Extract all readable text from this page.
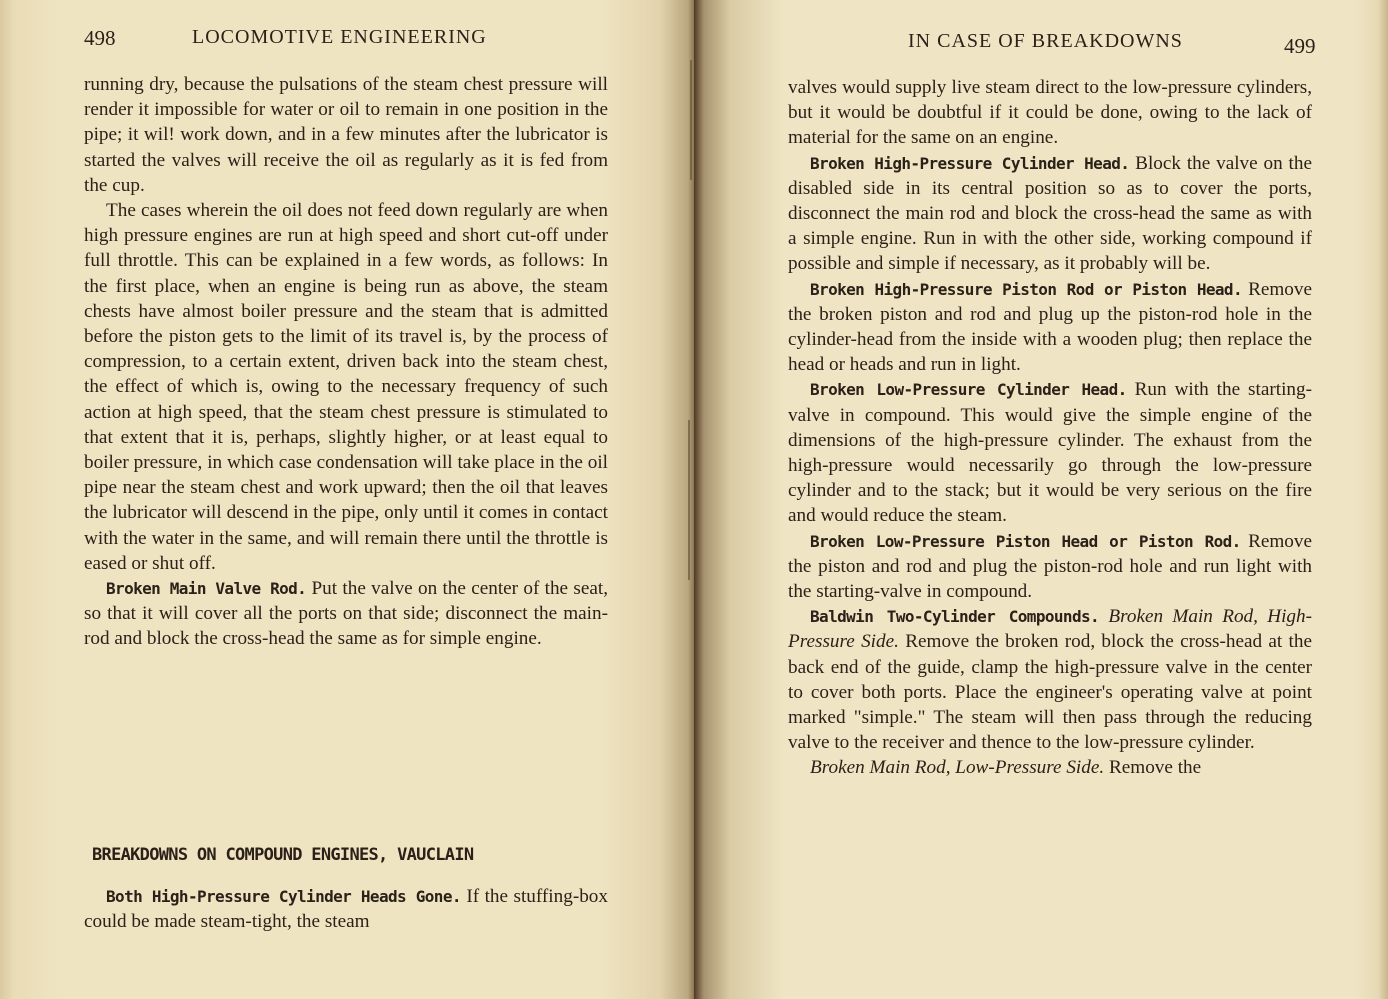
498	LOCOMOTIVE ENGINEERING

running dry, because the pulsations of the steam chest pressure will render it impossible for water or oil to remain in one position in the pipe; it wil! work down, and in a few minutes after the lubricator is started the valves will receive the oil as regularly as it is fed from the cup.

The cases wherein the oil does not feed down regularly are when high pressure engines are run at high speed and short cut-off under full throttle. This can be explained in a few words, as follows: In the first place, when an engine is being run as above, the steam chests have almost boiler pressure and the steam that is admitted before the piston gets to the limit of its travel is, by the process of compression, to a certain extent, driven back into the steam chest, the effect of which is, owing to the necessary frequency of such action at high speed, that the steam chest pressure is stimulated to that extent that it is, perhaps, slightly higher, or at least equal to boiler pressure, in which case condensation will take place in the oil pipe near the steam chest and work upward; then the oil that leaves the lubricator will descend in the pipe, only until it comes in contact with the water in the same, and will remain there until the throttle is eased or shut off.

Broken Main Valve Rod. Put the valve on the center of the seat, so that it will cover all the ports on that side; disconnect the main-rod and block the cross-head the same as for simple engine.

BREAKDOWNS ON COMPOUND ENGINES, VAUCLAIN

Both High-Pressure Cylinder Heads Gone. If the stuffing-box could be made steam-tight, the steam

IN CASE OF BREAKDOWNS	499

valves would supply live steam direct to the low-pressure cylinders, but it would be doubtful if it could be done, owing to the lack of material for the same on an engine.

Broken High-Pressure Cylinder Head. Block the valve on the disabled side in its central position so as to cover the ports, disconnect the main rod and block the cross-head the same as with a simple engine. Run in with the other side, working compound if possible and simple if necessary, as it probably will be.

Broken High-Pressure Piston Rod or Piston Head. Remove the broken piston and rod and plug up the piston-rod hole in the cylinder-head from the inside with a wooden plug; then replace the head or heads and run in light.

Broken Low-Pressure Cylinder Head. Run with the starting-valve in compound. This would give the simple engine of the dimensions of the high-pressure cylinder. The exhaust from the high-pressure would necessarily go through the low-pressure cylinder and to the stack; but it would be very serious on the fire and would reduce the steam.

Broken Low-Pressure Piston Head or Piston Rod. Remove the piston and rod and plug the piston-rod hole and run light with the starting-valve in compound.

Baldwin Two-Cylinder Compounds. Broken Main Rod, High-Pressure Side. Remove the broken rod, block the cross-head at the back end of the guide, clamp the high-pressure valve in the center to cover both ports. Place the engineer's operating valve at point marked "simple." The steam will then pass through the reducing valve to the receiver and thence to the low-pressure cylinder.

Broken Main Rod, Low-Pressure Side. Remove the
